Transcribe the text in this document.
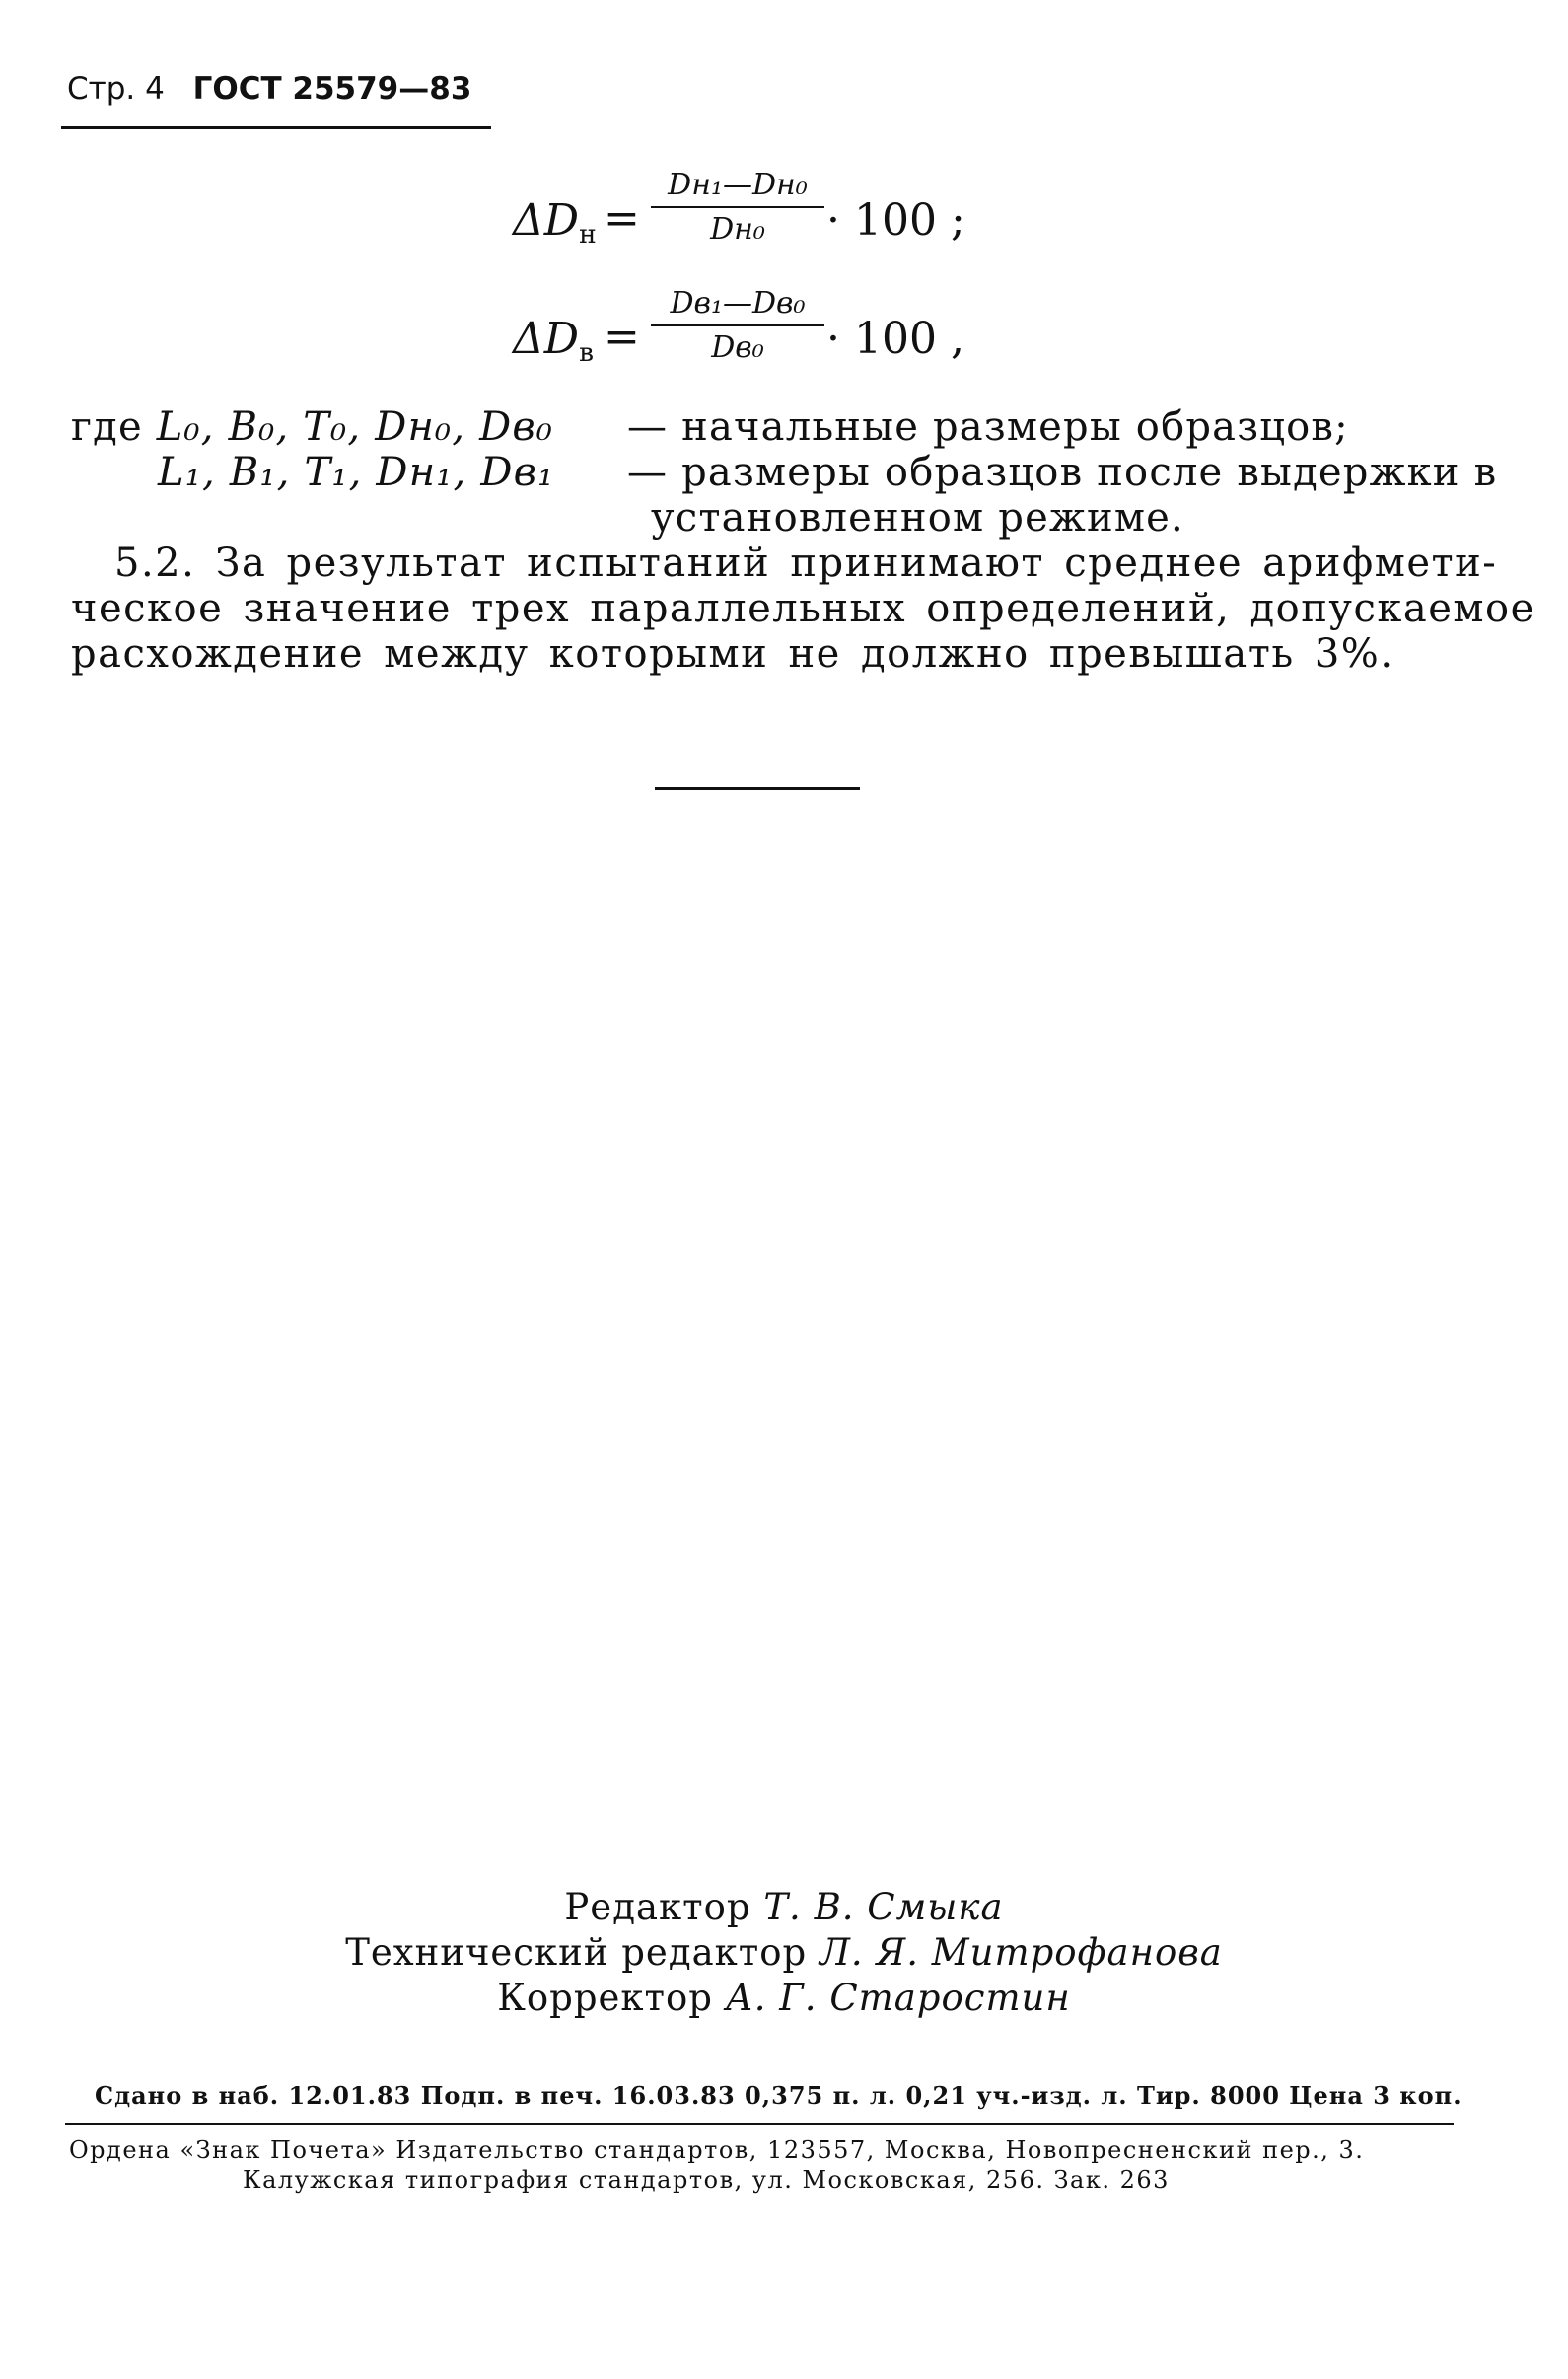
Стр. 4 ГОСТ 25579—83
$\Delta D_н$ =
Dн₁—Dн₀
Dн₀	· 100 ;
$\Delta D_в$ =
Dв₁—Dв₀
Dв₀	· 100 ,
где L₀, B₀, T₀, Dн₀, Dв₀ — начальные размеры образцов;
L₁, B₁, T₁, Dн₁, Dв₁ — размеры образцов после выдержки в
установленном режиме.
5.2. За результат испытаний принимают среднее арифмети-
ческое значение трех параллельных определений, допускаемое
расхождение между которыми не должно превышать 3%.
Редактор Т. В. Смыка
Технический редактор Л. Я. Митрофанова
Корректор А. Г. Старостин
Сдано в наб. 12.01.83 Подп. в печ. 16.03.83 0,375 п. л. 0,21 уч.-изд. л. Тир. 8000 Цена 3 коп.
Ордена «Знак Почета» Издательство стандартов, 123557, Москва, Новопресненский пер., 3.
Калужская типография стандартов, ул. Московская, 256. Зак. 263
